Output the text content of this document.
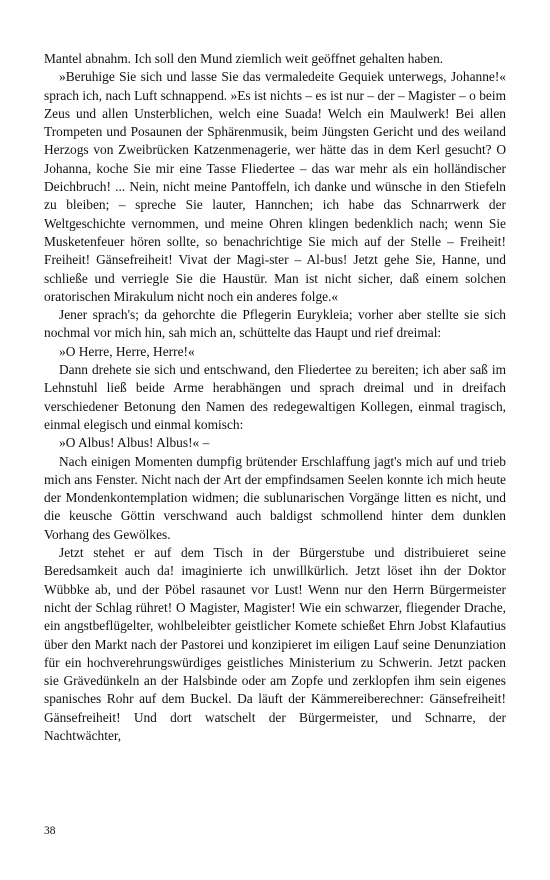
Mantel abnahm. Ich soll den Mund ziemlich weit geöffnet gehalten haben.

»Beruhige Sie sich und lasse Sie das vermaledeite Gequiek unterwegs, Johanne!« sprach ich, nach Luft schnappend. »Es ist nichts – es ist nur – der – Magister – o beim Zeus und allen Unsterblichen, welch eine Suada! Welch ein Maulwerk! Bei allen Trompeten und Posaunen der Sphärenmusik, beim Jüngsten Gericht und des weiland Herzogs von Zweibrücken Katzenmenagerie, wer hätte das in dem Kerl gesucht? O Johanna, koche Sie mir eine Tasse Fliedertee – das war mehr als ein holländischer Deichbruch! ... Nein, nicht meine Pantoffeln, ich danke und wünsche in den Stiefeln zu bleiben; – spreche Sie lauter, Hannchen; ich habe das Schnarrwerk der Weltgeschichte vernommen, und meine Ohren klingen bedenklich nach; wenn Sie Musketenfeuer hören sollte, so benachrichtige Sie mich auf der Stelle – Freiheit! Freiheit! Gänsefreiheit! Vivat der Magi-ster – Al-bus! Jetzt gehe Sie, Hanne, und schließe und verriegle Sie die Haustür. Man ist nicht sicher, daß einem solchen oratorischen Mirakulum nicht noch ein anderes folge.«

Jener sprach's; da gehorchte die Pflegerin Eurykleia; vorher aber stellte sie sich nochmal vor mich hin, sah mich an, schüttelte das Haupt und rief dreimal:

»O Herre, Herre, Herre!«

Dann drehete sie sich und entschwand, den Fliedertee zu bereiten; ich aber saß im Lehnstuhl ließ beide Arme herabhängen und sprach dreimal und in dreifach verschiedener Betonung den Namen des redegewaltigen Kollegen, einmal tragisch, einmal elegisch und einmal komisch:

»O Albus! Albus! Albus!« –

Nach einigen Momenten dumpfig brütender Erschlaffung jagt's mich auf und trieb mich ans Fenster. Nicht nach der Art der empfindsamen Seelen konnte ich mich heute der Mondenkontemplation widmen; die sublunarischen Vorgänge litten es nicht, und die keusche Göttin verschwand auch baldigst schmollend hinter dem dunklen Vorhang des Gewölkes.

Jetzt stehet er auf dem Tisch in der Bürgerstube und distribuieret seine Beredsamkeit auch da! imaginierte ich unwillkürlich. Jetzt löset ihn der Doktor Wübbke ab, und der Pöbel rasaunet vor Lust! Wenn nur den Herrn Bürgermeister nicht der Schlag rühret! O Magister, Magister! Wie ein schwarzer, fliegender Drache, ein angstbeflügelter, wohlbeleibter geistlicher Komete schießet Ehrn Jobst Klafautius über den Markt nach der Pastorei und konzipieret im eiligen Lauf seine Denunziation für ein hochverehrungswürdiges geistliches Ministerium zu Schwerin. Jetzt packen sie Grävedünkeln an der Halsbinde oder am Zopfe und zerklopfen ihm sein eigenes spanisches Rohr auf dem Buckel. Da läuft der Kämmereiberechner: Gänsefreiheit! Gänsefreiheit! Und dort watschelt der Bürgermeister, und Schnarre, der Nachtwächter,

38
